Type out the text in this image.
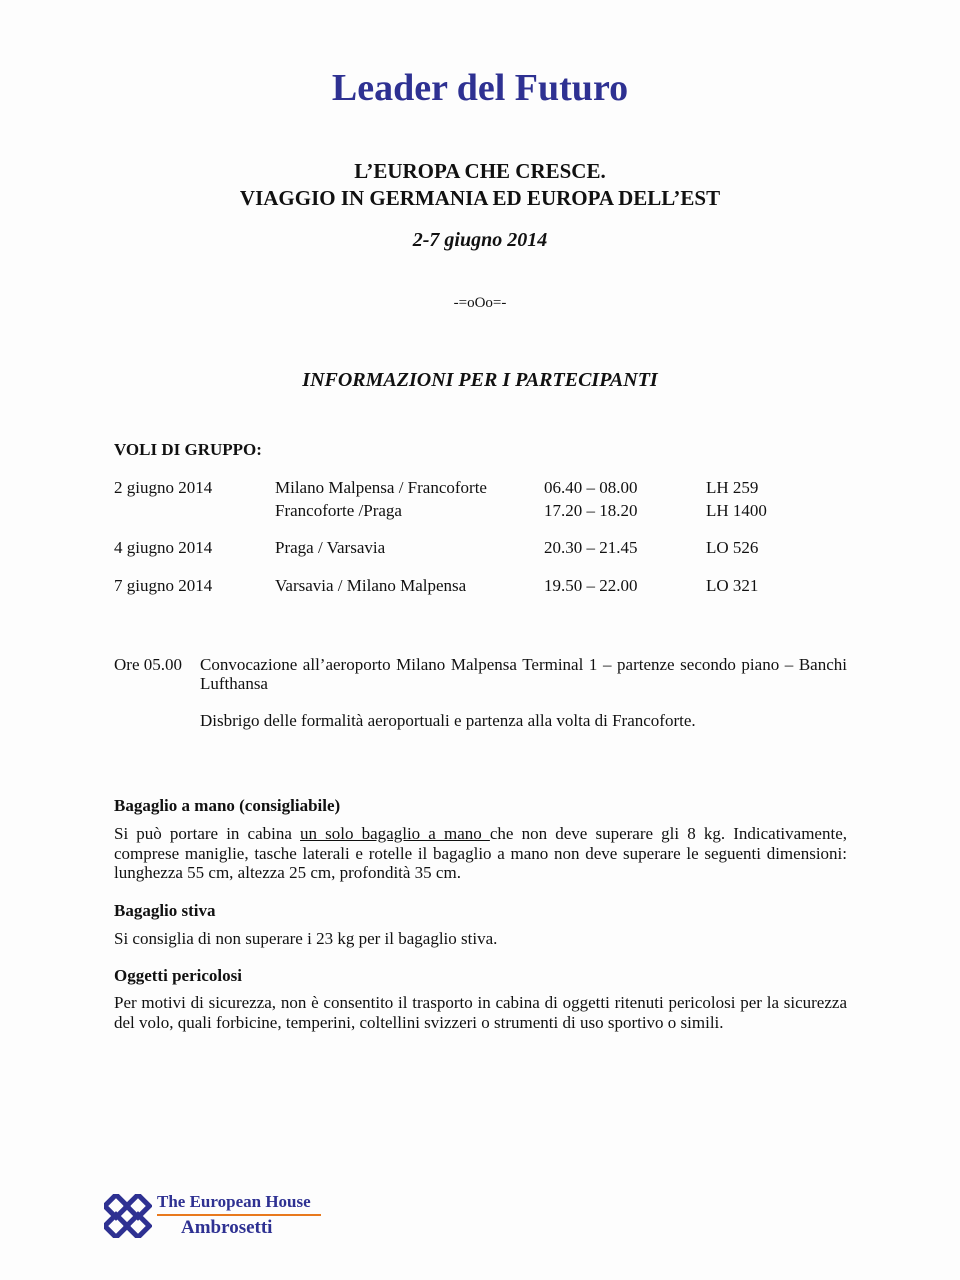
Leader del Futuro
L’EUROPA CHE CRESCE.
VIAGGIO IN GERMANIA ED EUROPA DELL’EST
2-7 giugno 2014
-=oOo=-
INFORMAZIONI PER I PARTECIPANTI
VOLI DI GRUPPO:
2 giugno 2014	Milano Malpensa / Francoforte	06.40 – 08.00	LH 259
Francoforte /Praga	17.20 – 18.20	LH 1400
4 giugno 2014	Praga / Varsavia	20.30 – 21.45	LO 526
7 giugno 2014	Varsavia / Milano Malpensa	19.50 – 22.00	LO 321
Ore 05.00 Convocazione all’aeroporto Milano Malpensa Terminal 1 – partenze secondo piano – Banchi Lufthansa
Disbrigo delle formalità aeroportuali e partenza alla volta di Francoforte.
Bagaglio a mano (consigliabile)
Si può portare in cabina un solo bagaglio a mano che non deve superare gli 8 kg. Indicativamente, comprese maniglie, tasche laterali e rotelle il bagaglio a mano non deve superare le seguenti dimensioni: lunghezza 55 cm, altezza 25 cm, profondità 35 cm.
Bagaglio stiva
Si consiglia di non superare i 23 kg per il bagaglio stiva.
Oggetti pericolosi
Per motivi di sicurezza, non è consentito il trasporto in cabina di oggetti ritenuti pericolosi per la sicurezza del volo, quali forbicine, temperini, coltellini svizzeri o strumenti di uso sportivo o simili.
The European House
Ambrosetti
